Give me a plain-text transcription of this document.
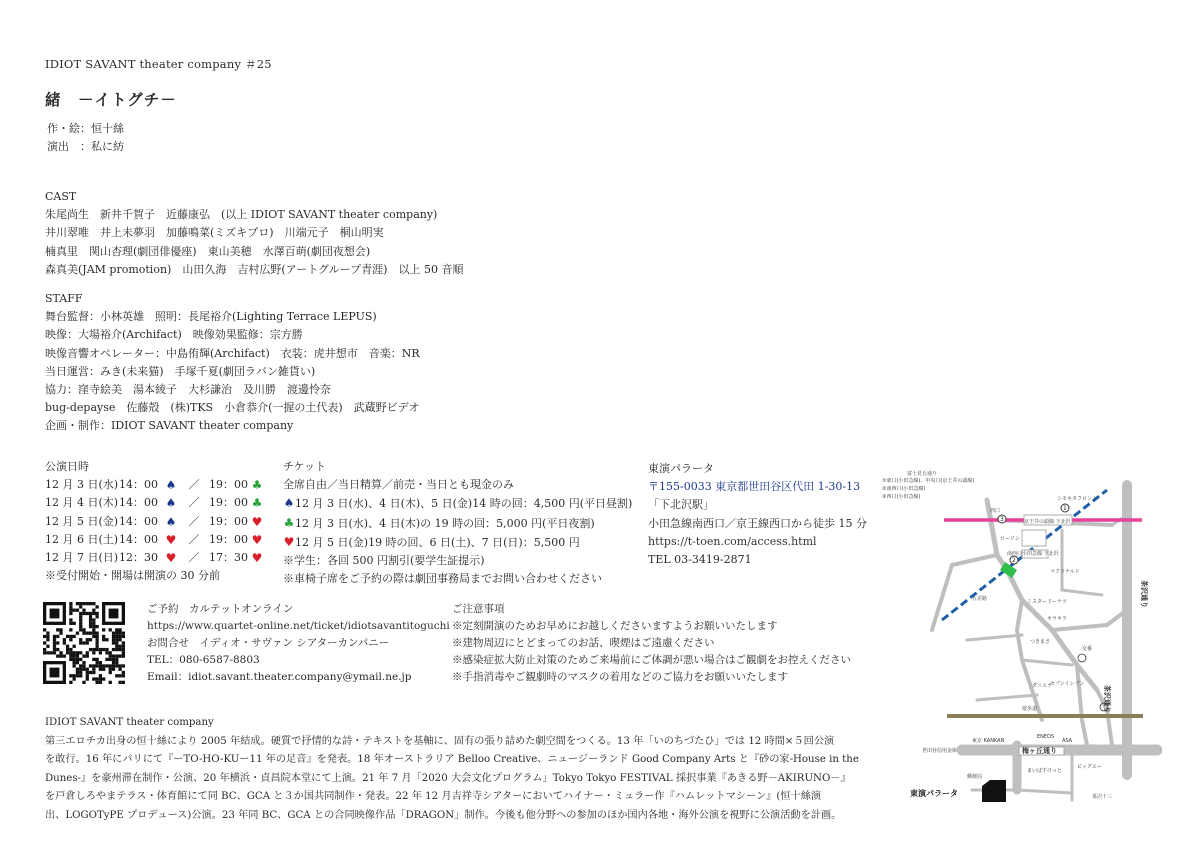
IDIOT SAVANT theater company ＃25
緒　－イトグチ－
作・絵：恒十絲
演出　：私に紡
CAST
朱尾尚生　新井千賀子　近藤康弘　(以上 IDIOT SAVANT theater company)
井川翠唯　井上未夢羽　加藤鳴菜(ミズキプロ)　川端元子　桐山明実
楠真里　関山杏理(劇団俳優座)　東山美穂　水澤百萌(劇団夜想会)
森真美(JAM promotion)　山田久海　吉村広野(アートグループ青涯)　以上 50 音順
STAFF
舞台監督：小林英雄　照明：長尾裕介(Lighting Terrace LEPUS)
映像：大場裕介(Archifact)　映像効果監修：宗方勝
映像音響オペレーター：中島侑輝(Archifact)　衣装：虎井想市　音楽：NR
当日運営：みき(未来猫)　手塚千夏(劇団ラバン雑貨い)
協力：窪寺絵美　湯本綾子　大杉謙治　及川勝　渡邊怜奈
bug-depayse　佐藤殻　(株)TKS　小倉恭介(一握の土代表)　武蔵野ビデオ
企画・制作：IDIOT SAVANT theater company
公演日時
12 月 3 日(水) 14：00 ♠	／ 19：00 ♣
12 月 4 日(木) 14：00 ♠	／ 19：00 ♣
12 月 5 日(金) 14：00 ♠	／ 19：00 ♥
12 月 6 日(土) 14：00 ♥	／ 19：00 ♥
12 月 7 日(日) 12：30 ♥	／ 17：30 ♥
※受付開始・開場は開演の 30 分前
チケット
全席自由／当日精算／前売・当日とも現金のみ
♠12 月 3 日(水)、4 日(木)、5 日(金)14 時の回：4,500 円(平日昼割)
♣12 月 3 日(水)、4 日(木)の 19 時の回：5,000 円(平日夜割)
♥12 月 5 日(金)19 時の回、6 日(土)、7 日(日)：5,500 円
※学生：各回 500 円割引(要学生証提示)
※車椅子席をご予約の際は劇団事務局までお問い合わせください
東演パラータ
〒155-0033 東京都世田谷区代田 1-30-13
「下北沢駅」
小田急線南西口／京王線西口から徒歩 15 分
https://t-toen.com/access.html
TEL 03-3419-2871
ご予約　カルテットオンライン
https://www.quartet-online.net/ticket/idiotsavantitoguchi
お問合せ　イディオ・サヴァン シアターカンパニー
TEL：080-6587-8803
Email：idiot.savant.theater.company@ymail.ne.jp
ご注意事項
※定刻開演のためお早めにお越しくださいますようお願いいたします
※建物周辺にとどまってのお話、喫煙はご遠慮ください
※感染症拡大防止対策のためご来場前にご体調が悪い場合はご観劇をお控えください
※手指消毒やご観劇時のマスクの着用などのご協力をお願いいたします
IDIOT SAVANT theater company
第三エロチカ出身の恒十絲により 2005 年結成。硬質で抒情的な詩・テキストを基軸に、固有の張り詰めた劇空間をつくる。13 年「いのちづたひ」では 12 時間×５回公演
を敢行。16 年にパリにて『ーTO-HO-KUー11 年の足音』を発表。18 年オーストラリア Belloo Creative、ニュージーランド Good Company Arts と『砂の家-House in the
Dunes-』を豪州滞在制作・公演、20 年横浜・貞昌院本堂にて上演。21 年 7 月「2020 大会文化プログラム」Tokyo Tokyo FESTIVAL 採択事業『あきる野－AKIRUNO－』
を戸倉しろやまテラス・体育館にて同 BC、GCA と３か国共同制作・発表。22 年 12 月吉祥寺シアターにおいてハイナー・ミュラー作『ハムレットマシーン』(恒十絲演
出、LOGOTyPE プロデュース)公演。23 年同 BC、GCA との合同映像作品「DRAGON」制作。今後も他分野への参加のほか国内各地・海外公演を視野に公演活動を計画。
3
1
2
①東口(小田急線)、中央口(京王井の頭線)
②南西口(小田急線)
③西口(小田急線)
京王井の頭線 下北沢
小田急線 下北沢
シモキタフロント
西口
ローソン
南西口
マクドナルド
ミスタードーナツ
つきまさ
ダニエラ
セブンイレブン
ENEOS
ASA
東京 KANKAN
ビッグエー
まいばすけっと
郵便局
茶沢十三
世田谷信用金庫
富士見丘通り
キラキラ
交番
五差路
遊歩道
茶沢通り
茶沢通り
梅ヶ丘通り
東演パラータ
